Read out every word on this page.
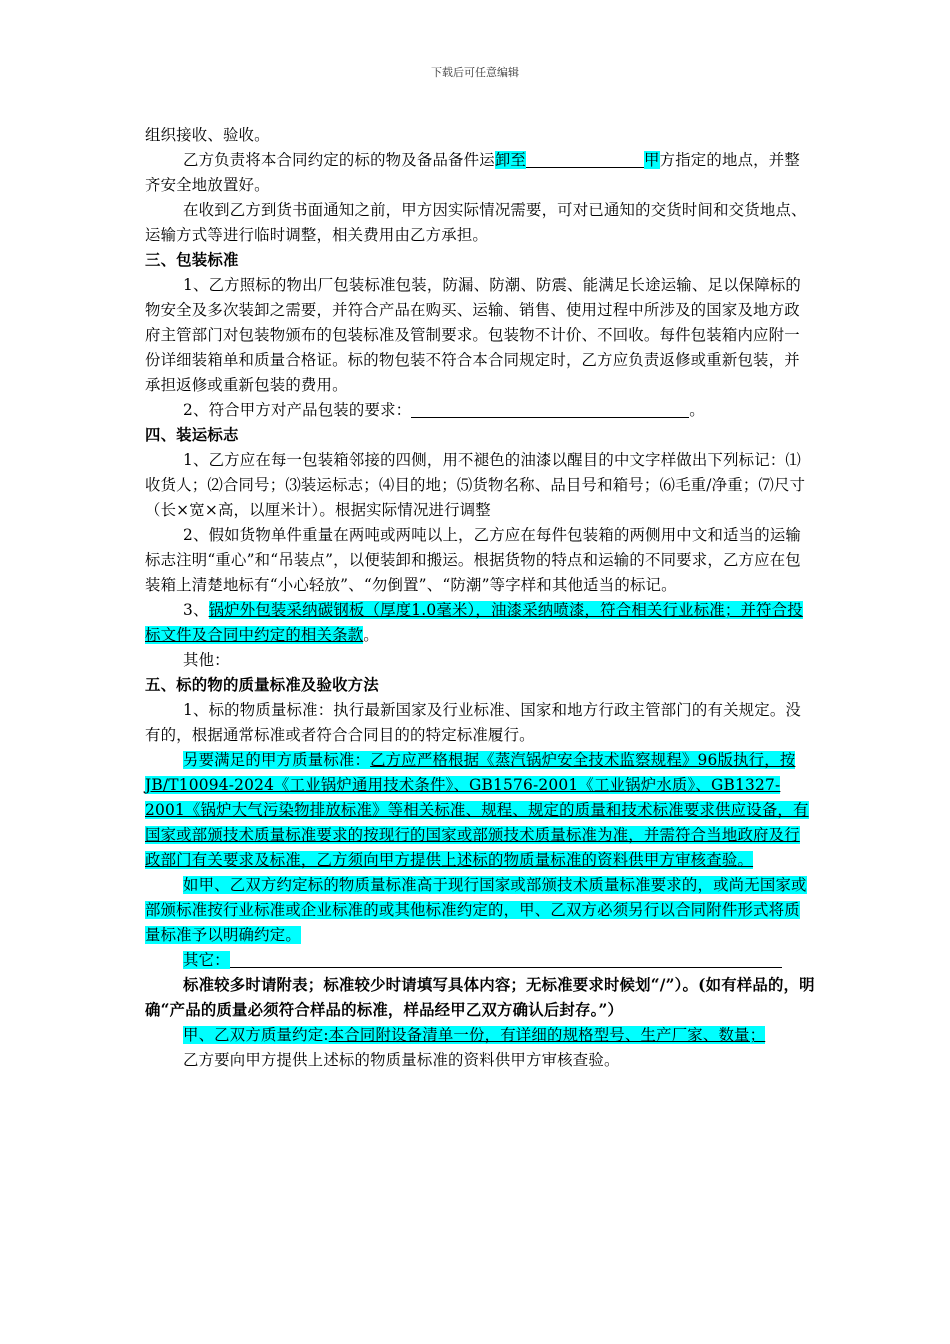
下载后可任意编辑

组织接收、验收。

乙方负责将本合同约定的标的物及备品备件运卸至	甲方指定的地点，并整齐安全地放置好。

在收到乙方到货书面通知之前，甲方因实际情况需要，可对已通知的交货时间和交货地点、运输方式等进行临时调整，相关费用由乙方承担。

三、包装标准

1、乙方照标的物出厂包装标准包装，防漏、防潮、防震、能满足长途运输、足以保障标的物安全及多次装卸之需要，并符合产品在购买、运输、销售、使用过程中所涉及的国家及地方政府主管部门对包装物颁布的包装标准及管制要求。包装物不计价、不回收。每件包装箱内应附一份详细装箱单和质量合格证。标的物包装不符合本合同规定时，乙方应负责返修或重新包装，并承担返修或重新包装的费用。

2、符合甲方对产品包装的要求：	。

四、装运标志

1、乙方应在每一包装箱邻接的四侧，用不褪色的油漆以醒目的中文字样做出下列标记：⑴收货人；⑵合同号；⑶装运标志；⑷目的地；⑸货物名称、品目号和箱号；⑹毛重/净重；⑺尺寸（长×宽×高，以厘米计）。根据实际情况进行调整

2、假如货物单件重量在两吨或两吨以上，乙方应在每件包装箱的两侧用中文和适当的运输标志注明“重心”和“吊装点”，以便装卸和搬运。根据货物的特点和运输的不同要求，乙方应在包装箱上清楚地标有“小心轻放”、“勿倒置”、“防潮”等字样和其他适当的标记。

3、锅炉外包装采纳碳钢板（厚度1.0毫米），油漆采纳喷漆，符合相关行业标准；并符合投标文件及合同中约定的相关条款。

其他：

五、标的物的质量标准及验收方法

1、标的物质量标准：执行最新国家及行业标准、国家和地方行政主管部门的有关规定。没有的，根据通常标准或者符合合同目的的特定标准履行。

另要满足的甲方质量标准：乙方应严格根据《蒸汽锅炉安全技术监察规程》96版执行，按JB/T10094-2024《工业锅炉通用技术条件》、GB1576-2001《工业锅炉水质》、GB1327-2001《锅炉大气污染物排放标准》等相关标准、规程、规定的质量和技术标准要求供应设备，有国家或部颁技术质量标准要求的按现行的国家或部颁技术质量标准为准，并需符合当地政府及行政部门有关要求及标准，乙方须向甲方提供上述标的物质量标准的资料供甲方审核查验。

如甲、乙双方约定标的物质量标准高于现行国家或部颁技术质量标准要求的，或尚无国家或部颁标准按行业标准或企业标准的或其他标准约定的，甲、乙双方必须另行以合同附件形式将质量标准予以明确约定。

其它：

标准较多时请附表；标准较少时请填写具体内容；无标准要求时候划“/”）。(如有样品的，明确“产品的质量必须符合样品的标准，样品经甲乙双方确认后封存。”）

甲、乙双方质量约定:本合同附设备清单一份，有详细的规格型号、生产厂家、数量；

乙方要向甲方提供上述标的物质量标准的资料供甲方审核查验。
